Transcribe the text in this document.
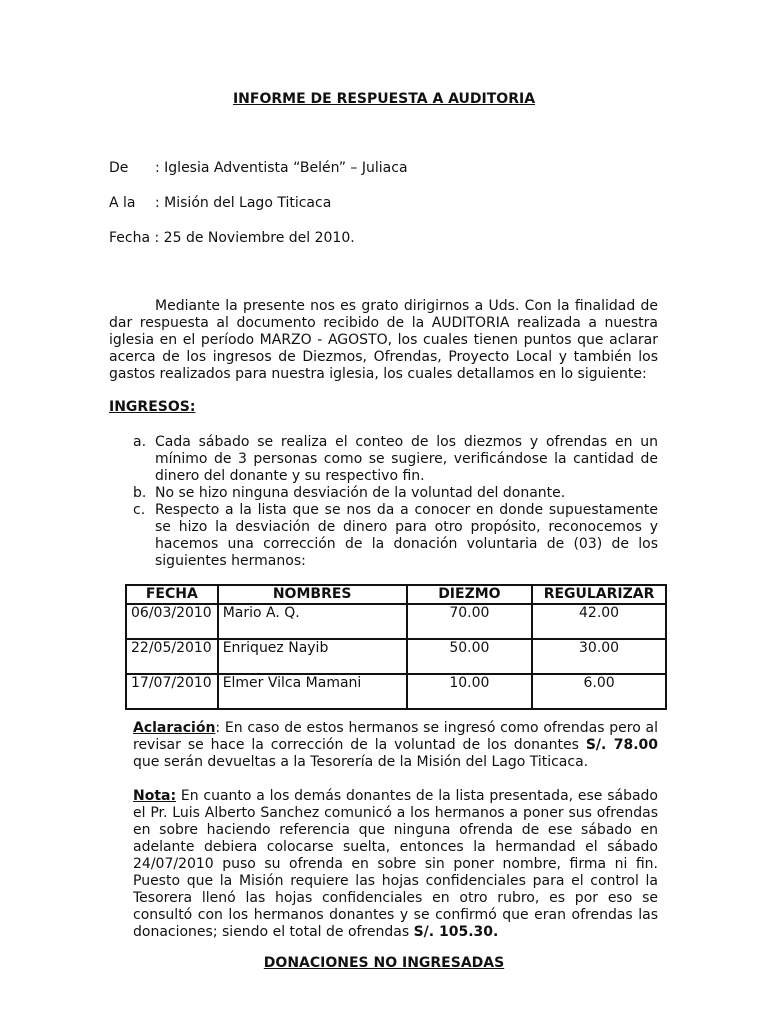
INFORME DE RESPUESTA A AUDITORIA
De : Iglesia Adventista “Belén” – Juliaca
A la : Misión del Lago Titicaca
Fecha : 25 de Noviembre del 2010.
Mediante la presente nos es grato dirigirnos a Uds. Con la finalidad de dar respuesta al documento recibido de la AUDITORIA realizada a nuestra iglesia en el período MARZO - AGOSTO, los cuales tienen puntos que aclarar acerca de los ingresos de Diezmos, Ofrendas, Proyecto Local y también los gastos realizados para nuestra iglesia, los cuales detallamos en lo siguiente:
INGRESOS:
a. Cada sábado se realiza el conteo de los diezmos y ofrendas en un mínimo de 3 personas como se sugiere, verificándose la cantidad de dinero del donante y su respectivo fin.
b. No se hizo ninguna desviación de la voluntad del donante.
c. Respecto a la lista que se nos da a conocer en donde supuestamente se hizo la desviación de dinero para otro propósito, reconocemos y hacemos una corrección de la donación voluntaria de (03) de los siguientes hermanos:
FECHA	NOMBRES	DIEZMO	REGULARIZAR
06/03/2010	Mario A. Q.	70.00	42.00
22/05/2010	Enriquez Nayib	50.00	30.00
17/07/2010	Elmer Vilca Mamani	10.00	6.00
Aclaración: En caso de estos hermanos se ingresó como ofrendas pero al revisar se hace la corrección de la voluntad de los donantes S/. 78.00 que serán devueltas a la Tesorería de la Misión del Lago Titicaca.
Nota: En cuanto a los demás donantes de la lista presentada, ese sábado el Pr. Luis Alberto Sanchez comunicó a los hermanos a poner sus ofrendas en sobre haciendo referencia que ninguna ofrenda de ese sábado en adelante debiera colocarse suelta, entonces la hermandad el sábado 24/07/2010 puso su ofrenda en sobre sin poner nombre, firma ni fin. Puesto que la Misión requiere las hojas confidenciales para el control la Tesorera llenó las hojas confidenciales en otro rubro, es por eso se consultó con los hermanos donantes y se confirmó que eran ofrendas las donaciones; siendo el total de ofrendas S/. 105.30.
DONACIONES NO INGRESADAS
